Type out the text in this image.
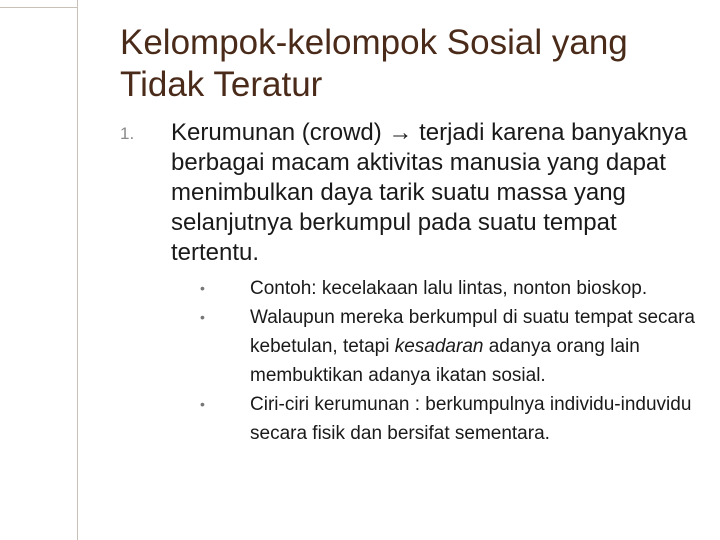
Kelompok-kelompok Sosial yang Tidak Teratur
1. Kerumunan (crowd) → terjadi karena banyaknya berbagai macam aktivitas manusia yang dapat menimbulkan daya tarik suatu massa yang selanjutnya berkumpul pada suatu tempat tertentu.
• Contoh: kecelakaan lalu lintas, nonton bioskop.
• Walaupun mereka berkumpul di suatu tempat secara kebetulan, tetapi kesadaran adanya orang lain membuktikan adanya ikatan sosial.
• Ciri-ciri kerumunan : berkumpulnya individu-induvidu secara fisik dan bersifat sementara.
